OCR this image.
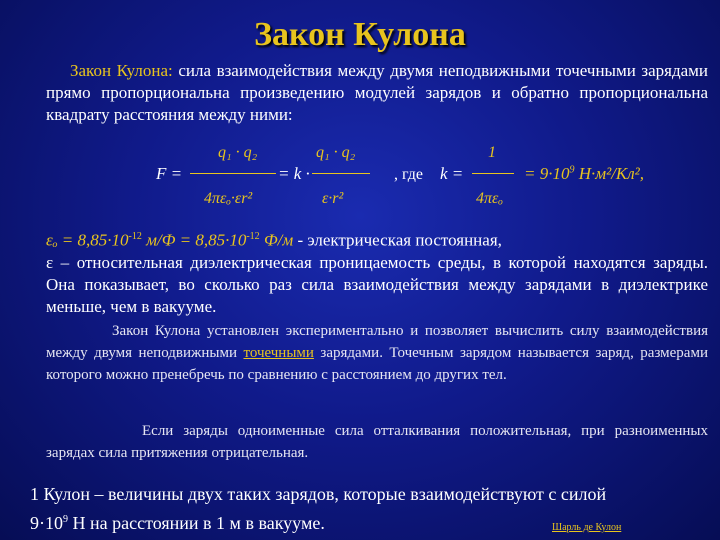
Закон Кулона
Закон Кулона: сила взаимодействия между двумя неподвижными точечными зарядами прямо пропорциональна произведению модулей зарядов и обратно пропорциональна квадрату расстояния между ними:
F =
q₁ · q₂
4πεₒ·εr²
= k ·
q₁ · q₂
ε·r²
, где k =
1
4πεₒ
= $9\cdot 10^9$ Н·м²/Кл²,
$\varepsilon_o = 8,85\cdot 10^{-12}$ $м/Ф = 8,85\cdot 10^{-12}$ Ф/м - электрическая постоянная,
ε – относительная диэлектрическая проницаемость среды, в которой находятся заряды. Она показывает, во сколько раз сила взаимодействия между зарядами в диэлектрике меньше, чем в вакууме.
Закон Кулона установлен экспериментально и позволяет вычислить силу взаимодействия между двумя неподвижными точечными зарядами. Точечным зарядом называется заряд, размерами которого можно пренебречь по сравнению с расстоянием до других тел.
Если заряды одноименные сила отталкивания положительная, при разноименных зарядах сила притяжения отрицательная.
1 Кулон – величины двух таких зарядов, которые взаимодействуют с силой
$9\cdot 10^9$ Н на расстоянии в 1 м в вакууме.	Шарль де Кулон
